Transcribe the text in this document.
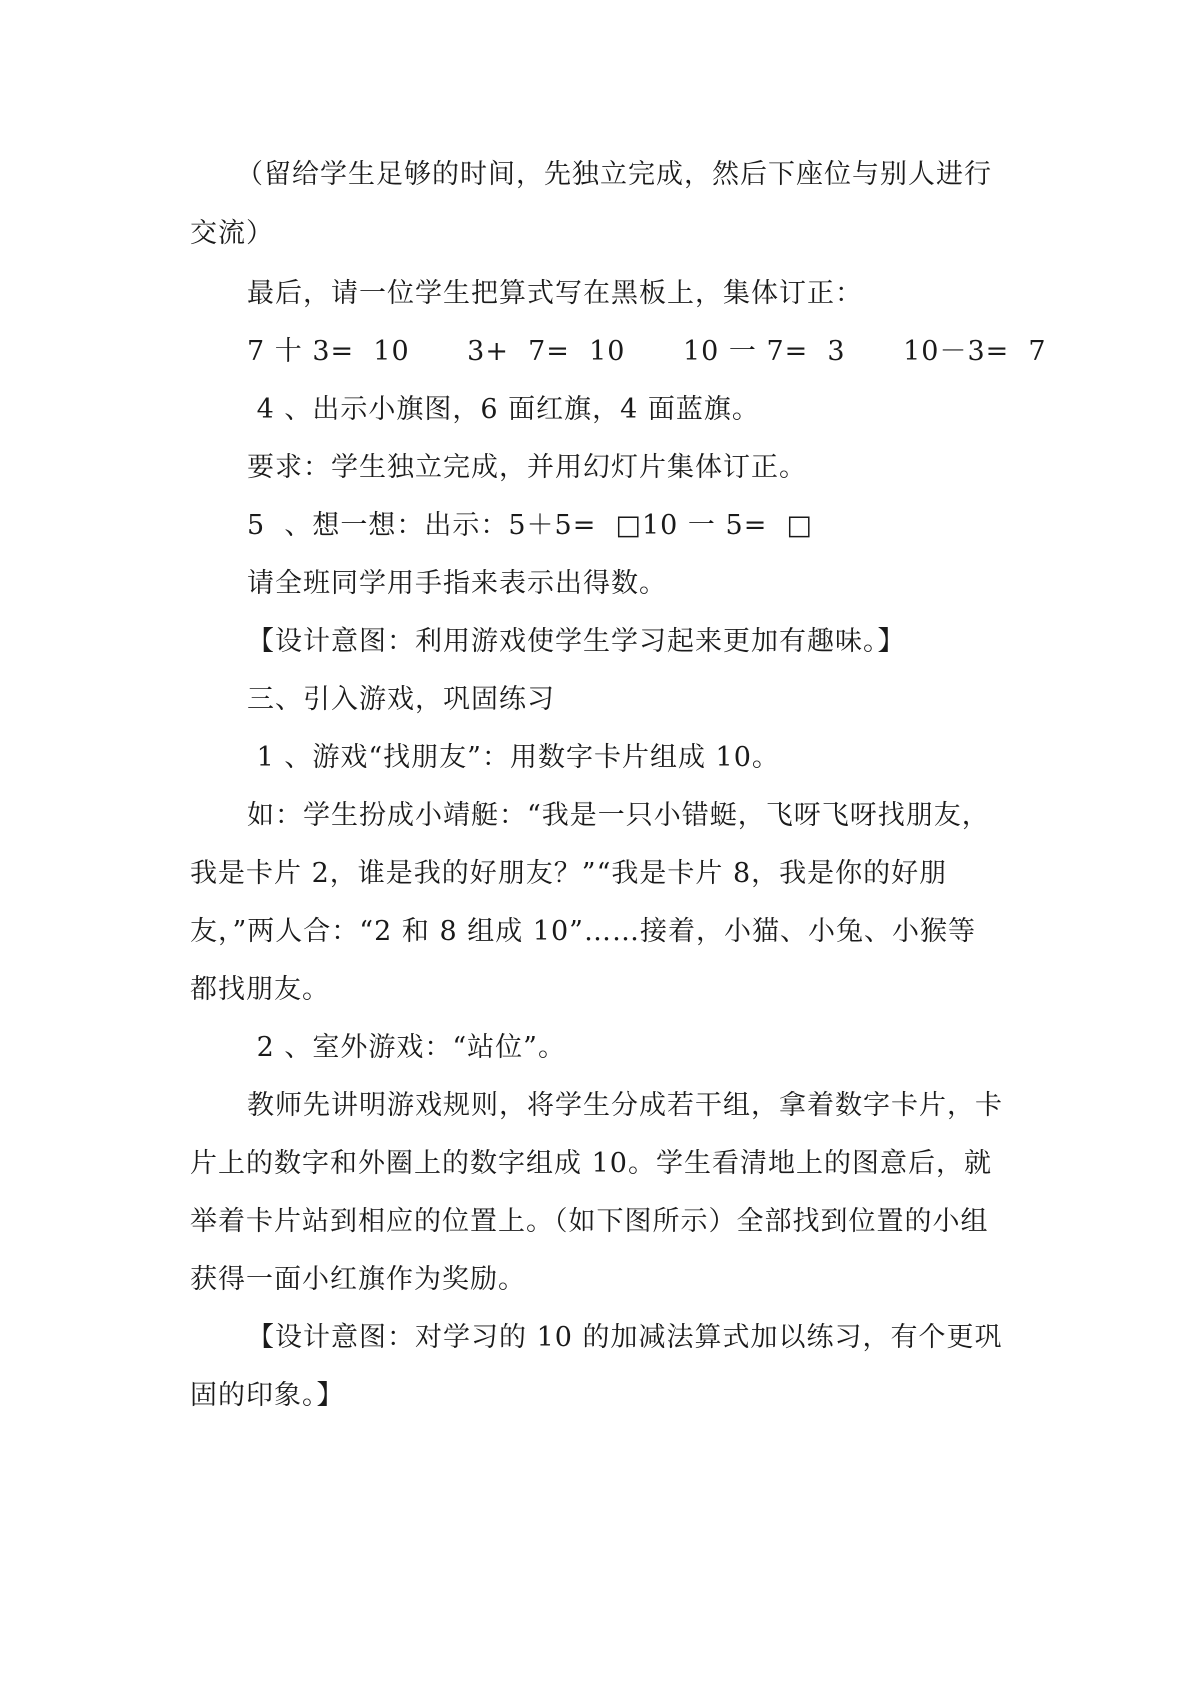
（留给学生足够的时间，先独立完成，然后下座位与别人进行
交流）
最后，请一位学生把算式写在黑板上，集体订正：
7 十 3=  10      3+  7=  10      10 一 7=  3      10－3=  7
4 、出示小旗图，6 面红旗，4 面蓝旗。
要求：学生独立完成，并用幻灯片集体订正。
5  、想一想：出示：5＋5=  □10 一 5=  □
请全班同学用手指来表示出得数。
【设计意图：利用游戏使学生学习起来更加有趣味。】
三、引入游戏，巩固练习
1 、游戏“找朋友”：用数字卡片组成 10。
如：学生扮成小靖艇：“我是一只小错蜓，飞呀飞呀找朋友，
我是卡片 2，谁是我的好朋友？”“我是卡片 8，我是你的好朋
友，”两人合：“2 和 8 组成 10”……接着，小猫、小兔、小猴等
都找朋友。
2 、室外游戏：“站位”。
教师先讲明游戏规则，将学生分成若干组，拿着数字卡片，卡
片上的数字和外圈上的数字组成 10。学生看清地上的图意后，就
举着卡片站到相应的位置上。（如下图所示）全部找到位置的小组
获得一面小红旗作为奖励。
【设计意图：对学习的 10 的加减法算式加以练习，有个更巩
固的印象。】
